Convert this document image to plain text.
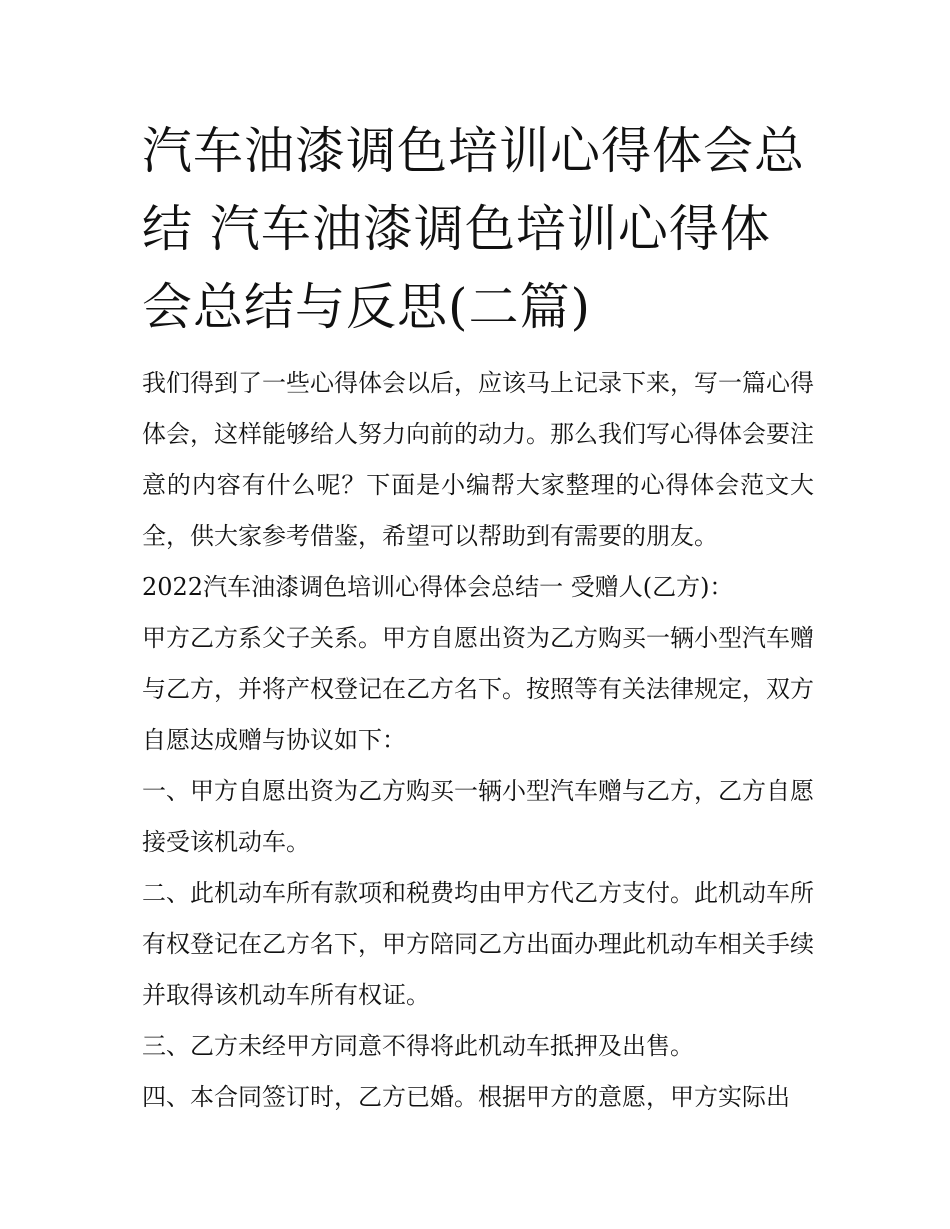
汽车油漆调色培训心得体会总结 汽车油漆调色培训心得体会总结与反思(二篇)

我们得到了一些心得体会以后，应该马上记录下来，写一篇心得体会，这样能够给人努力向前的动力。那么我们写心得体会要注意的内容有什么呢？下面是小编帮大家整理的心得体会范文大全，供大家参考借鉴，希望可以帮助到有需要的朋友。

2022汽车油漆调色培训心得体会总结一 受赠人(乙方)：

甲方乙方系父子关系。甲方自愿出资为乙方购买一辆小型汽车赠与乙方，并将产权登记在乙方名下。按照等有关法律规定，双方自愿达成赠与协议如下：

一、甲方自愿出资为乙方购买一辆小型汽车赠与乙方，乙方自愿接受该机动车。

二、此机动车所有款项和税费均由甲方代乙方支付。此机动车所有权登记在乙方名下，甲方陪同乙方出面办理此机动车相关手续并取得该机动车所有权证。

三、乙方未经甲方同意不得将此机动车抵押及出售。

四、本合同签订时，乙方已婚。根据甲方的意愿，甲方实际出
